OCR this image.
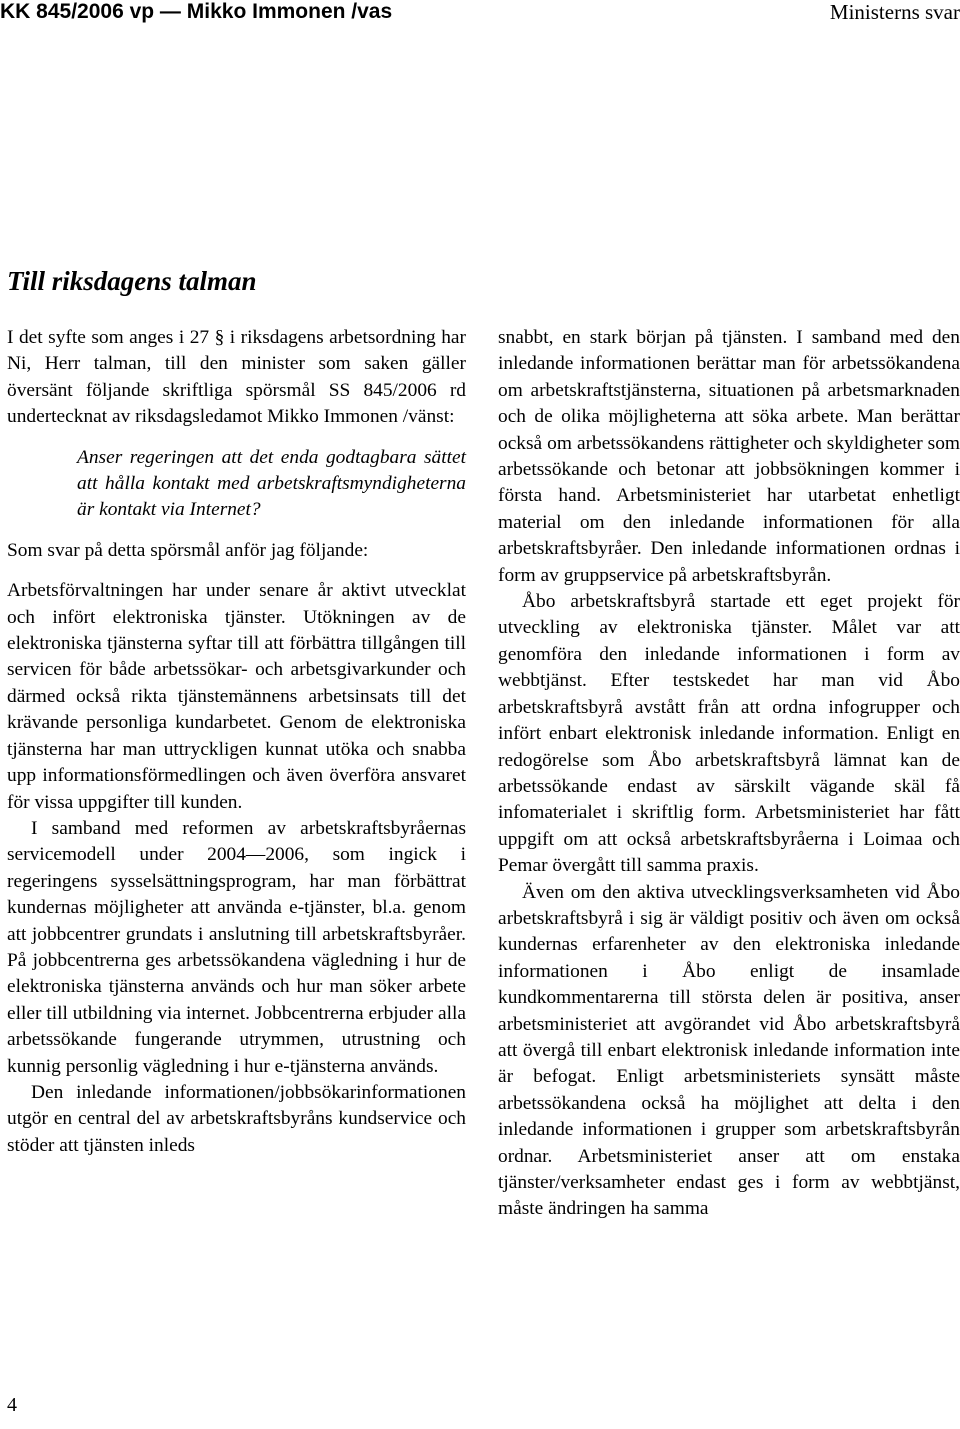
KK 845/2006 vp — Mikko Immonen /vas	Ministerns svar
Till riksdagens talman

I det syfte som anges i 27 § i riksdagens arbetsordning har Ni, Herr talman, till den minister som saken gäller översänt följande skriftliga spörsmål SS 845/2006 rd undertecknat av riksdagsledamot Mikko Immonen /vänst:

Anser regeringen att det enda godtagbara sättet att hålla kontakt med arbetskraftsmyndigheterna är kontakt via Internet?

Som svar på detta spörsmål anför jag följande:

Arbetsförvaltningen har under senare år aktivt utvecklat och infört elektroniska tjänster. Utökningen av de elektroniska tjänsterna syftar till att förbättra tillgången till servicen för både arbetssökar- och arbetsgivarkunder och därmed också rikta tjänstemännens arbetsinsats till det krävande personliga kundarbetet. Genom de elektroniska tjänsterna har man uttryckligen kunnat utöka och snabba upp informationsförmedlingen och även överföra ansvaret för vissa uppgifter till kunden.

I samband med reformen av arbetskraftsbyråernas servicemodell under 2004—2006, som ingick i regeringens sysselsättningsprogram, har man förbättrat kundernas möjligheter att använda e-tjänster, bl.a. genom att jobbcentrer grundats i anslutning till arbetskraftsbyråer. På jobbcentrerna ges arbetssökandena vägledning i hur de elektroniska tjänsterna används och hur man söker arbete eller till utbildning via internet. Jobbcentrerna erbjuder alla arbetssökande fungerande utrymmen, utrustning och kunnig personlig vägledning i hur e-tjänsterna används.

Den inledande informationen/jobbsökarinformationen utgör en central del av arbetskraftsbyråns kundservice och stöder att tjänsten inleds

snabbt, en stark början på tjänsten. I samband med den inledande informationen berättar man för arbetssökandena om arbetskraftstjänsterna, situationen på arbetsmarknaden och de olika möjligheterna att söka arbete. Man berättar också om arbetssökandens rättigheter och skyldigheter som arbetssökande och betonar att jobbsökningen kommer i första hand. Arbetsministeriet har utarbetat enhetligt material om den inledande informationen för alla arbetskraftsbyråer. Den inledande informationen ordnas i form av gruppservice på arbetskraftsbyrån.

Åbo arbetskraftsbyrå startade ett eget projekt för utveckling av elektroniska tjänster. Målet var att genomföra den inledande informationen i form av webbtjänst. Efter testskedet har man vid Åbo arbetskraftsbyrå avstått från att ordna infogrupper och infört enbart elektronisk inledande information. Enligt en redogörelse som Åbo arbetskraftsbyrå lämnat kan de arbetssökande endast av särskilt vägande skäl få infomaterialet i skriftlig form. Arbetsministeriet har fått uppgift om att också arbetskraftsbyråerna i Loimaa och Pemar övergått till samma praxis.

Även om den aktiva utvecklingsverksamheten vid Åbo arbetskraftsbyrå i sig är väldigt positiv och även om också kundernas erfarenheter av den elektroniska inledande informationen i Åbo enligt de insamlade kundkommentarerna till största delen är positiva, anser arbetsministeriet att avgörandet vid Åbo arbetskraftsbyrå att övergå till enbart elektronisk inledande information inte är befogat. Enligt arbetsministeriets synsätt måste arbetssökandena också ha möjlighet att delta i den inledande informationen i grupper som arbetskraftsbyrån ordnar. Arbetsministeriet anser att om enstaka tjänster/verksamheter endast ges i form av webbtjänst, måste ändringen ha samma

4
